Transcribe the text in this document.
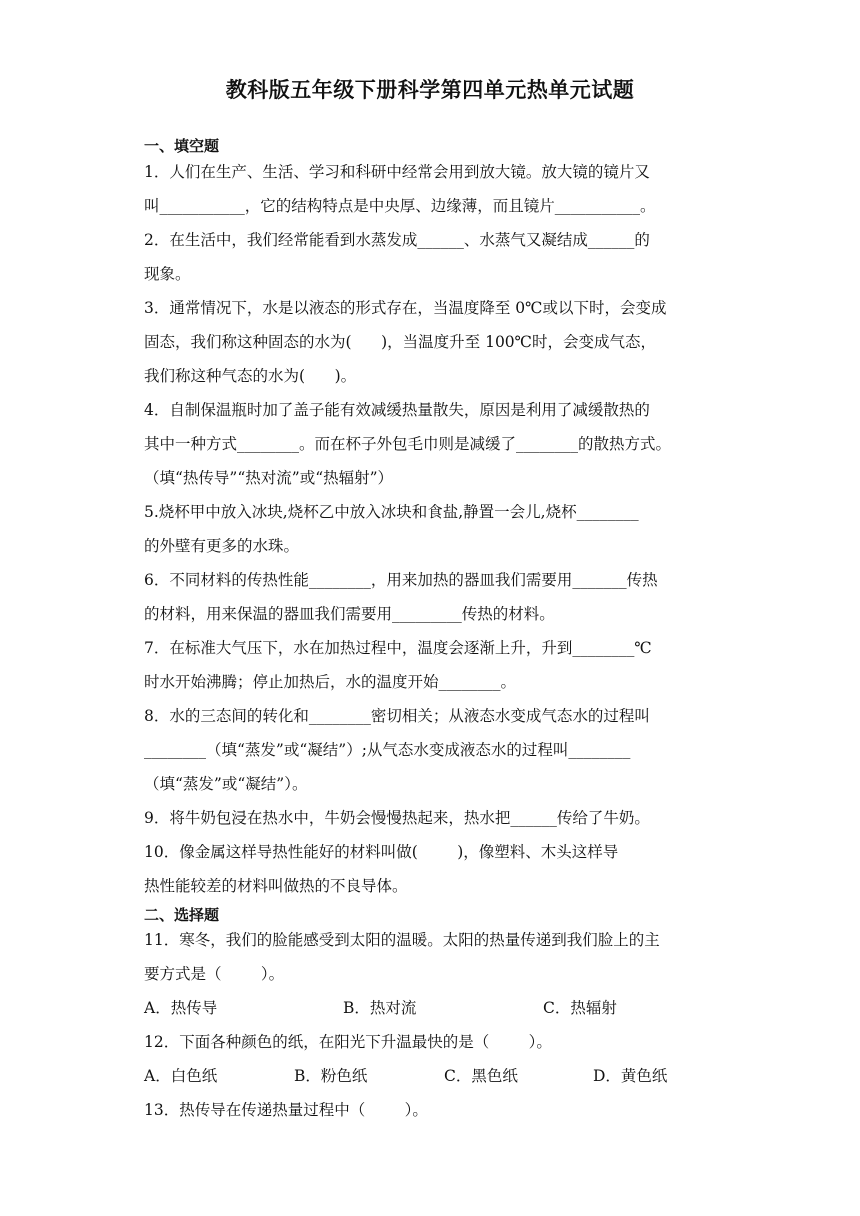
教科版五年级下册科学第四单元热单元试题
一、填空题
1．人们在生产、生活、学习和科研中经常会用到放大镜。放大镜的镜片又
叫___________，它的结构特点是中央厚、边缘薄，而且镜片___________。
2．在生活中，我们经常能看到水蒸发成______、水蒸气又凝结成______的
现象。
3．通常情况下，水是以液态的形式存在，当温度降至 0℃或以下时，会变成
固态，我们称这种固态的水为(      )，当温度升至 100℃时，会变成气态，
我们称这种气态的水为(      )。
4．自制保温瓶时加了盖子能有效减缓热量散失，原因是利用了减缓散热的
其中一种方式________。而在杯子外包毛巾则是减缓了________的散热方式。
（填“热传导”“热对流”或“热辐射”）
5.烧杯甲中放入冰块,烧杯乙中放入冰块和食盐,静置一会儿,烧杯________
的外壁有更多的水珠。
6．不同材料的传热性能________，用来加热的器皿我们需要用_______传热
的材料，用来保温的器皿我们需要用_________传热的材料。
7．在标准大气压下，水在加热过程中，温度会逐渐上升，升到________℃
时水开始沸腾；停止加热后，水的温度开始________。
8．水的三态间的转化和________密切相关；从液态水变成气态水的过程叫
________（填“蒸发”或“凝结”）;从气态水变成液态水的过程叫________
（填“蒸发”或“凝结”）。
9．将牛奶包浸在热水中，牛奶会慢慢热起来，热水把______传给了牛奶。
10．像金属这样导热性能好的材料叫做(        )，像塑料、木头这样导
热性能较差的材料叫做热的不良导体。
二、选择题
11．寒冬，我们的脸能感受到太阳的温暖。太阳的热量传递到我们脸上的主
要方式是（        ）。

A．热传导

	B．热对流

	C．热辐射

12．下面各种颜色的纸，在阳光下升温最快的是（        ）。

A．白色纸

	B．粉色纸

	C．黑色纸

	D．黄色纸

13．热传导在传递热量过程中（        ）。
